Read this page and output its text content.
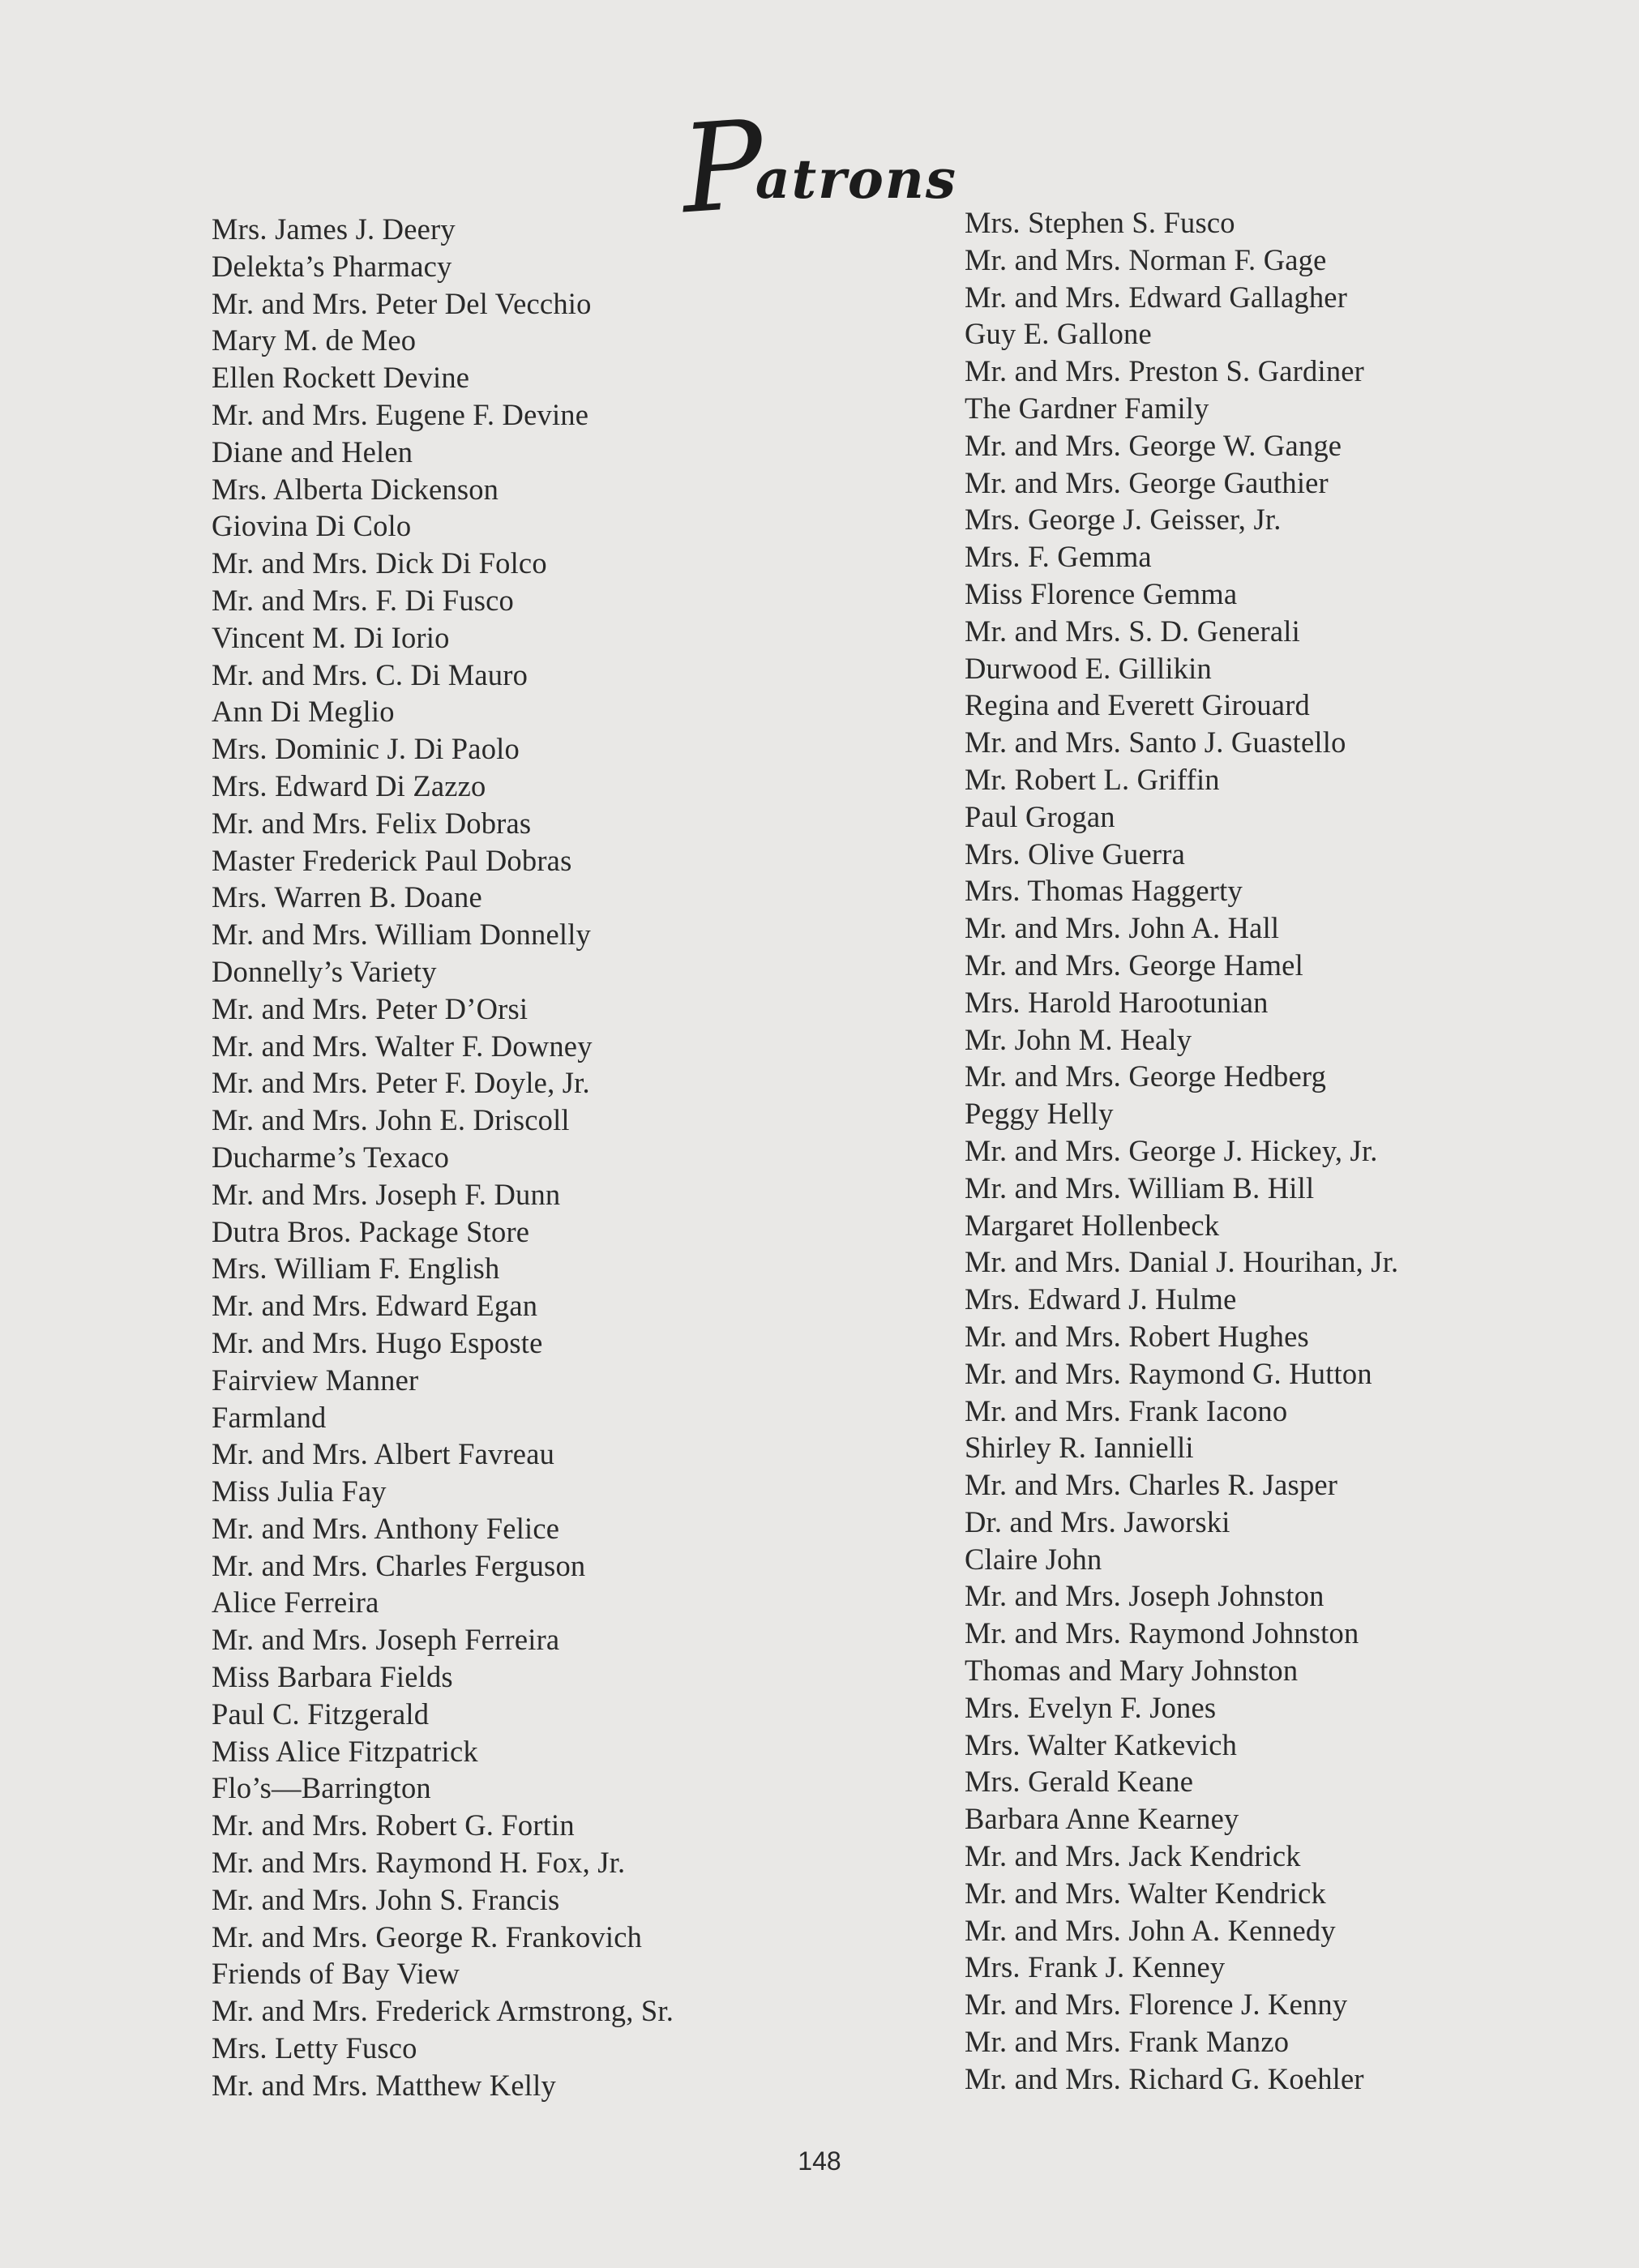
Patrons
Mrs. James J. Deery
Delekta’s Pharmacy
Mr. and Mrs. Peter Del Vecchio
Mary M. de Meo
Ellen Rockett Devine
Mr. and Mrs. Eugene F. Devine
Diane and Helen
Mrs. Alberta Dickenson
Giovina Di Colo
Mr. and Mrs. Dick Di Folco
Mr. and Mrs. F. Di Fusco
Vincent M. Di Iorio
Mr. and Mrs. C. Di Mauro
Ann Di Meglio
Mrs. Dominic J. Di Paolo
Mrs. Edward Di Zazzo
Mr. and Mrs. Felix Dobras
Master Frederick Paul Dobras
Mrs. Warren B. Doane
Mr. and Mrs. William Donnelly
Donnelly’s Variety
Mr. and Mrs. Peter D’Orsi
Mr. and Mrs. Walter F. Downey
Mr. and Mrs. Peter F. Doyle, Jr.
Mr. and Mrs. John E. Driscoll
Ducharme’s Texaco
Mr. and Mrs. Joseph F. Dunn
Dutra Bros. Package Store
Mrs. William F. English
Mr. and Mrs. Edward Egan
Mr. and Mrs. Hugo Esposte
Fairview Manner
Farmland
Mr. and Mrs. Albert Favreau
Miss Julia Fay
Mr. and Mrs. Anthony Felice
Mr. and Mrs. Charles Ferguson
Alice Ferreira
Mr. and Mrs. Joseph Ferreira
Miss Barbara Fields
Paul C. Fitzgerald
Miss Alice Fitzpatrick
Flo’s—Barrington
Mr. and Mrs. Robert G. Fortin
Mr. and Mrs. Raymond H. Fox, Jr.
Mr. and Mrs. John S. Francis
Mr. and Mrs. George R. Frankovich
Friends of Bay View
Mr. and Mrs. Frederick Armstrong, Sr.
Mrs. Letty Fusco
Mr. and Mrs. Matthew Kelly
Mrs. Stephen S. Fusco
Mr. and Mrs. Norman F. Gage
Mr. and Mrs. Edward Gallagher
Guy E. Gallone
Mr. and Mrs. Preston S. Gardiner
The Gardner Family
Mr. and Mrs. George W. Gange
Mr. and Mrs. George Gauthier
Mrs. George J. Geisser, Jr.
Mrs. F. Gemma
Miss Florence Gemma
Mr. and Mrs. S. D. Generali
Durwood E. Gillikin
Regina and Everett Girouard
Mr. and Mrs. Santo J. Guastello
Mr. Robert L. Griffin
Paul Grogan
Mrs. Olive Guerra
Mrs. Thomas Haggerty
Mr. and Mrs. John A. Hall
Mr. and Mrs. George Hamel
Mrs. Harold Harootunian
Mr. John M. Healy
Mr. and Mrs. George Hedberg
Peggy Helly
Mr. and Mrs. George J. Hickey, Jr.
Mr. and Mrs. William B. Hill
Margaret Hollenbeck
Mr. and Mrs. Danial J. Hourihan, Jr.
Mrs. Edward J. Hulme
Mr. and Mrs. Robert Hughes
Mr. and Mrs. Raymond G. Hutton
Mr. and Mrs. Frank Iacono
Shirley R. Iannielli
Mr. and Mrs. Charles R. Jasper
Dr. and Mrs. Jaworski
Claire John
Mr. and Mrs. Joseph Johnston
Mr. and Mrs. Raymond Johnston
Thomas and Mary Johnston
Mrs. Evelyn F. Jones
Mrs. Walter Katkevich
Mrs. Gerald Keane
Barbara Anne Kearney
Mr. and Mrs. Jack Kendrick
Mr. and Mrs. Walter Kendrick
Mr. and Mrs. John A. Kennedy
Mrs. Frank J. Kenney
Mr. and Mrs. Florence J. Kenny
Mr. and Mrs. Frank Manzo
Mr. and Mrs. Richard G. Koehler
148
